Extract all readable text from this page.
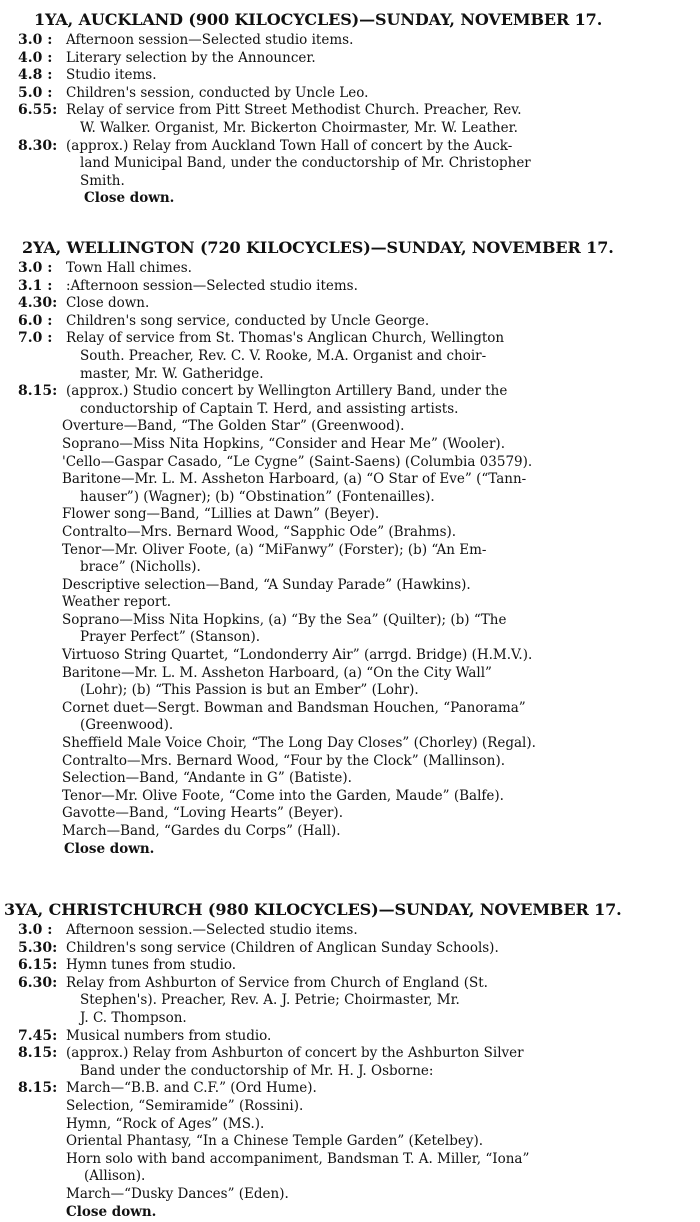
1YA, AUCKLAND (900 KILOCYCLES)—SUNDAY, NOVEMBER 17.
3.0 :	Afternoon session—Selected studio items.
4.0 :	Literary selection by the Announcer.
4.8 :	Studio items.
5.0 :	Children's session, conducted by Uncle Leo.
6.55: Relay of service from Pitt Street Methodist Church. Preacher, Rev.
W. Walker. Organist, Mr. Bickerton Choirmaster, Mr. W. Leather.
8.30: (approx.) Relay from Auckland Town Hall of concert by the Auck-
land Municipal Band, under the conductorship of Mr. Christopher
Smith.
Close down.
2YA, WELLINGTON (720 KILOCYCLES)—SUNDAY, NOVEMBER 17.
3.0 :	Town Hall chimes.
3.1 :	:Afternoon session—Selected studio items.
4.30: Close down.
6.0 :	Children's song service, conducted by Uncle George.
7.0 :	Relay of service from St. Thomas's Anglican Church, Wellington
South. Preacher, Rev. C. V. Rooke, M.A. Organist and choir-
master, Mr. W. Gatheridge.
8.15: (approx.) Studio concert by Wellington Artillery Band, under the
conductorship of Captain T. Herd, and assisting artists.
Overture—Band, “The Golden Star” (Greenwood).
Soprano—Miss Nita Hopkins, “Consider and Hear Me” (Wooler).
'Cello—Gaspar Casado, “Le Cygne” (Saint-Saens) (Columbia 03579).
Baritone—Mr. L. M. Assheton Harboard, (a) “O Star of Eve” (“Tann-
hauser”) (Wagner); (b) “Obstination” (Fontenailles).
Flower song—Band, “Lillies at Dawn” (Beyer).
Contralto—Mrs. Bernard Wood, “Sapphic Ode” (Brahms).
Tenor—Mr. Oliver Foote, (a) “MiFanwy” (Forster); (b) “An Em-
brace” (Nicholls).
Descriptive selection—Band, “A Sunday Parade” (Hawkins).
Weather report.
Soprano—Miss Nita Hopkins, (a) “By the Sea” (Quilter); (b) “The
Prayer Perfect” (Stanson).
Virtuoso String Quartet, “Londonderry Air” (arrgd. Bridge) (H.M.V.).
Baritone—Mr. L. M. Assheton Harboard, (a) “On the City Wall”
(Lohr); (b) “This Passion is but an Ember” (Lohr).
Cornet duet—Sergt. Bowman and Bandsman Houchen, “Panorama”
(Greenwood).
Sheffield Male Voice Choir, “The Long Day Closes” (Chorley) (Regal).
Contralto—Mrs. Bernard Wood, “Four by the Clock” (Mallinson).
Selection—Band, “Andante in G” (Batiste).
Tenor—Mr. Olive Foote, “Come into the Garden, Maude” (Balfe).
Gavotte—Band, “Loving Hearts” (Beyer).
March—Band, “Gardes du Corps” (Hall).
Close down.
3YA, CHRISTCHURCH (980 KILOCYCLES)—SUNDAY, NOVEMBER 17.
3.0 :	Afternoon session.—Selected studio items.
5.30: Children's song service (Children of Anglican Sunday Schools).
6.15: Hymn tunes from studio.
6.30: Relay from Ashburton of Service from Church of England (St.
Stephen's). Preacher, Rev. A. J. Petrie; Choirmaster, Mr.
J. C. Thompson.
7.45: Musical numbers from studio.
8.15: (approx.) Relay from Ashburton of concert by the Ashburton Silver
Band under the conductorship of Mr. H. J. Osborne:
8.15: March—“B.B. and C.F.” (Ord Hume).
Selection, “Semiramide” (Rossini).
Hymn, “Rock of Ages” (MS.).
Oriental Phantasy, “In a Chinese Temple Garden” (Ketelbey).
Horn solo with band accompaniment, Bandsman T. A. Miller, “Iona”
(Allison).
March—“Dusky Dances” (Eden).
Close down.
